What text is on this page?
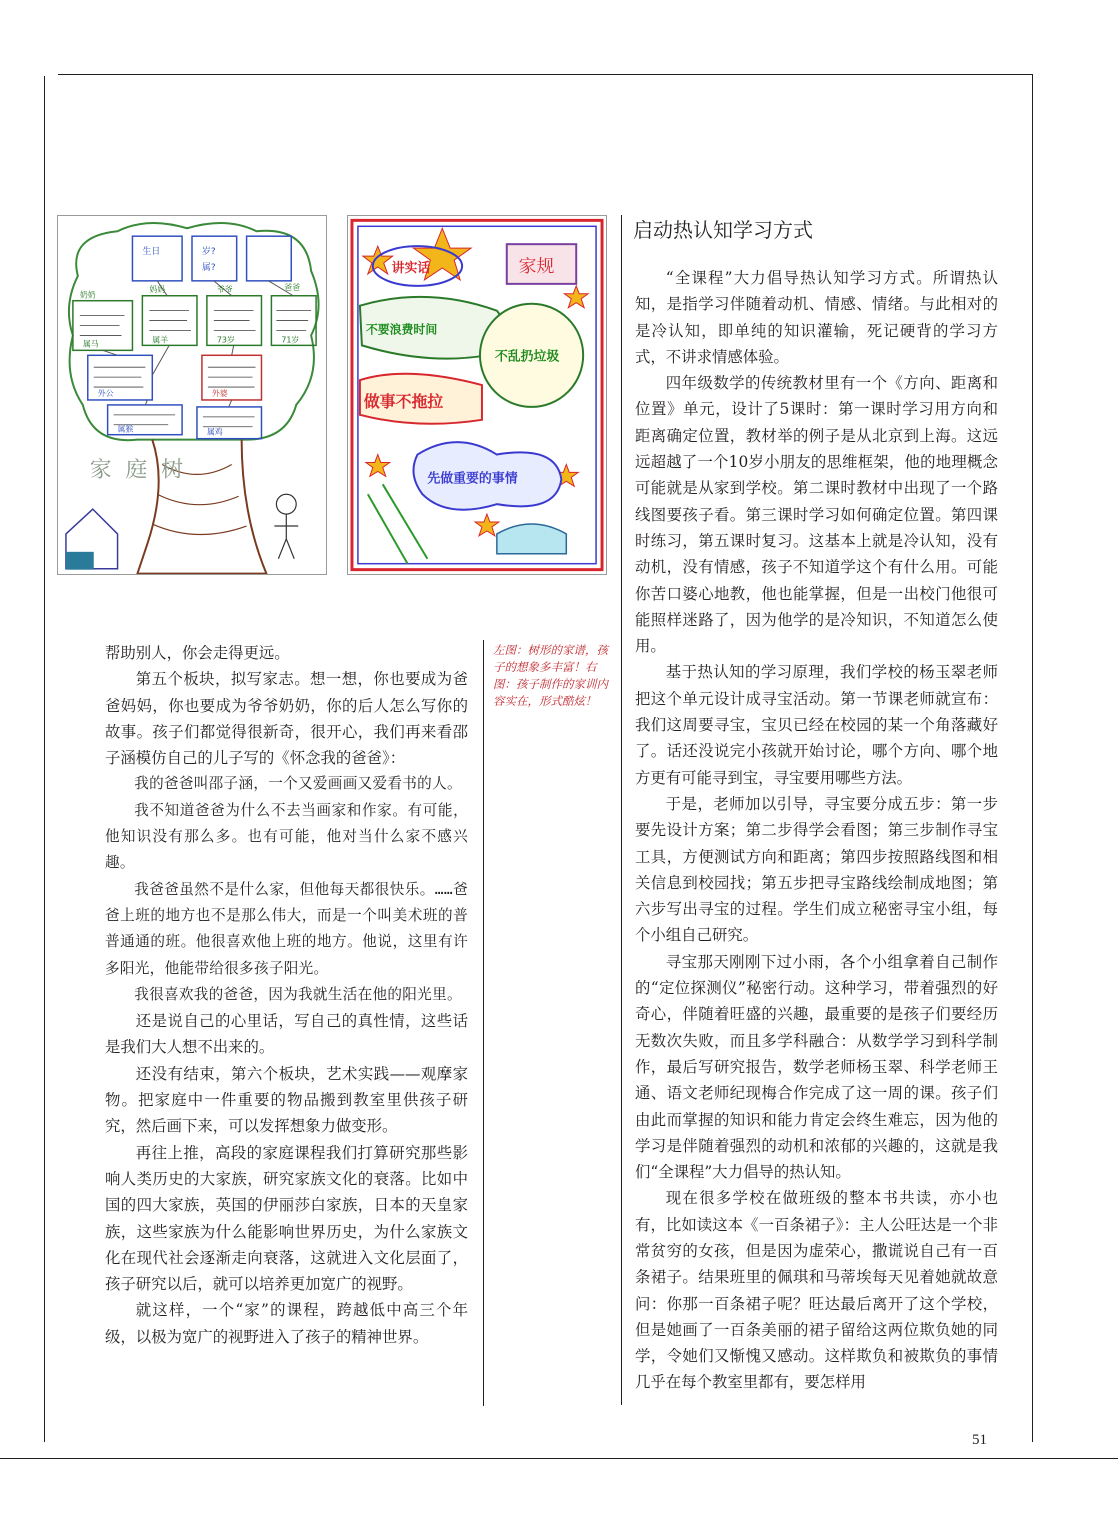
生日	岁?
属?
爸爸
妈妈	爷爷
奶奶
外公	外婆
73岁	71岁
属马	属羊
属猴	属鸡
家庭树
讲实话	家规
不要浪费时间
不乱扔垃圾
做事不拖拉
先做重要的事情
左图：树形的家谱，孩子的想象多丰富！右图：孩子制作的家训内容实在，形式酷炫！

帮助别人，你会走得更远。

第五个板块，拟写家志。想一想，你也要成为爸爸妈妈，你也要成为爷爷奶奶，你的后人怎么写你的故事。孩子们都觉得很新奇，很开心，我们再来看邵子涵模仿自己的儿子写的《怀念我的爸爸》：

我的爸爸叫邵子涵，一个又爱画画又爱看书的人。

我不知道爸爸为什么不去当画家和作家。有可能，他知识没有那么多。也有可能，他对当什么家不感兴趣。

我爸爸虽然不是什么家，但他每天都很快乐。……爸爸上班的地方也不是那么伟大，而是一个叫美术班的普普通通的班。他很喜欢他上班的地方。他说，这里有许多阳光，他能带给很多孩子阳光。

我很喜欢我的爸爸，因为我就生活在他的阳光里。

还是说自己的心里话，写自己的真性情，这些话是我们大人想不出来的。

还没有结束，第六个板块，艺术实践——观摩家物。把家庭中一件重要的物品搬到教室里供孩子研究，然后画下来，可以发挥想象力做变形。

再往上推，高段的家庭课程我们打算研究那些影响人类历史的大家族，研究家族文化的衰落。比如中国的四大家族，英国的伊丽莎白家族，日本的天皇家族，这些家族为什么能影响世界历史，为什么家族文化在现代社会逐渐走向衰落，这就进入文化层面了，孩子研究以后，就可以培养更加宽广的视野。

就这样，一个“家”的课程，跨越低中高三个年级，以极为宽广的视野进入了孩子的精神世界。

启动热认知学习方式

“全课程”大力倡导热认知学习方式。所谓热认知，是指学习伴随着动机、情感、情绪。与此相对的是冷认知，即单纯的知识灌输，死记硬背的学习方式，不讲求情感体验。

四年级数学的传统教材里有一个《方向、距离和位置》单元，设计了5课时：第一课时学习用方向和距离确定位置，教材举的例子是从北京到上海。这远远超越了一个10岁小朋友的思维框架，他的地理概念可能就是从家到学校。第二课时教材中出现了一个路线图要孩子看。第三课时学习如何确定位置。第四课时练习，第五课时复习。这基本上就是冷认知，没有动机，没有情感，孩子不知道学这个有什么用。可能你苦口婆心地教，他也能掌握，但是一出校门他很可能照样迷路了，因为他学的是冷知识，不知道怎么使用。

基于热认知的学习原理，我们学校的杨玉翠老师把这个单元设计成寻宝活动。第一节课老师就宣布：我们这周要寻宝，宝贝已经在校园的某一个角落藏好了。话还没说完小孩就开始讨论，哪个方向、哪个地方更有可能寻到宝，寻宝要用哪些方法。

于是，老师加以引导，寻宝要分成五步：第一步要先设计方案；第二步得学会看图；第三步制作寻宝工具，方便测试方向和距离；第四步按照路线图和相关信息到校园找；第五步把寻宝路线绘制成地图；第六步写出寻宝的过程。学生们成立秘密寻宝小组，每个小组自己研究。

寻宝那天刚刚下过小雨，各个小组拿着自己制作的“定位探测仪”秘密行动。这种学习，带着强烈的好奇心，伴随着旺盛的兴趣，最重要的是孩子们要经历无数次失败，而且多学科融合：从数学学习到科学制作，最后写研究报告，数学老师杨玉翠、科学老师王通、语文老师纪现梅合作完成了这一周的课。孩子们由此而掌握的知识和能力肯定会终生难忘，因为他的学习是伴随着强烈的动机和浓郁的兴趣的，这就是我们“全课程”大力倡导的热认知。

现在很多学校在做班级的整本书共读，亦小也有，比如读这本《一百条裙子》：主人公旺达是一个非常贫穷的女孩，但是因为虚荣心，撒谎说自己有一百条裙子。结果班里的佩琪和马蒂埃每天见着她就故意问：你那一百条裙子呢？旺达最后离开了这个学校，但是她画了一百条美丽的裙子留给这两位欺负她的同学，令她们又惭愧又感动。这样欺负和被欺负的事情几乎在每个教室里都有，要怎样用

51
